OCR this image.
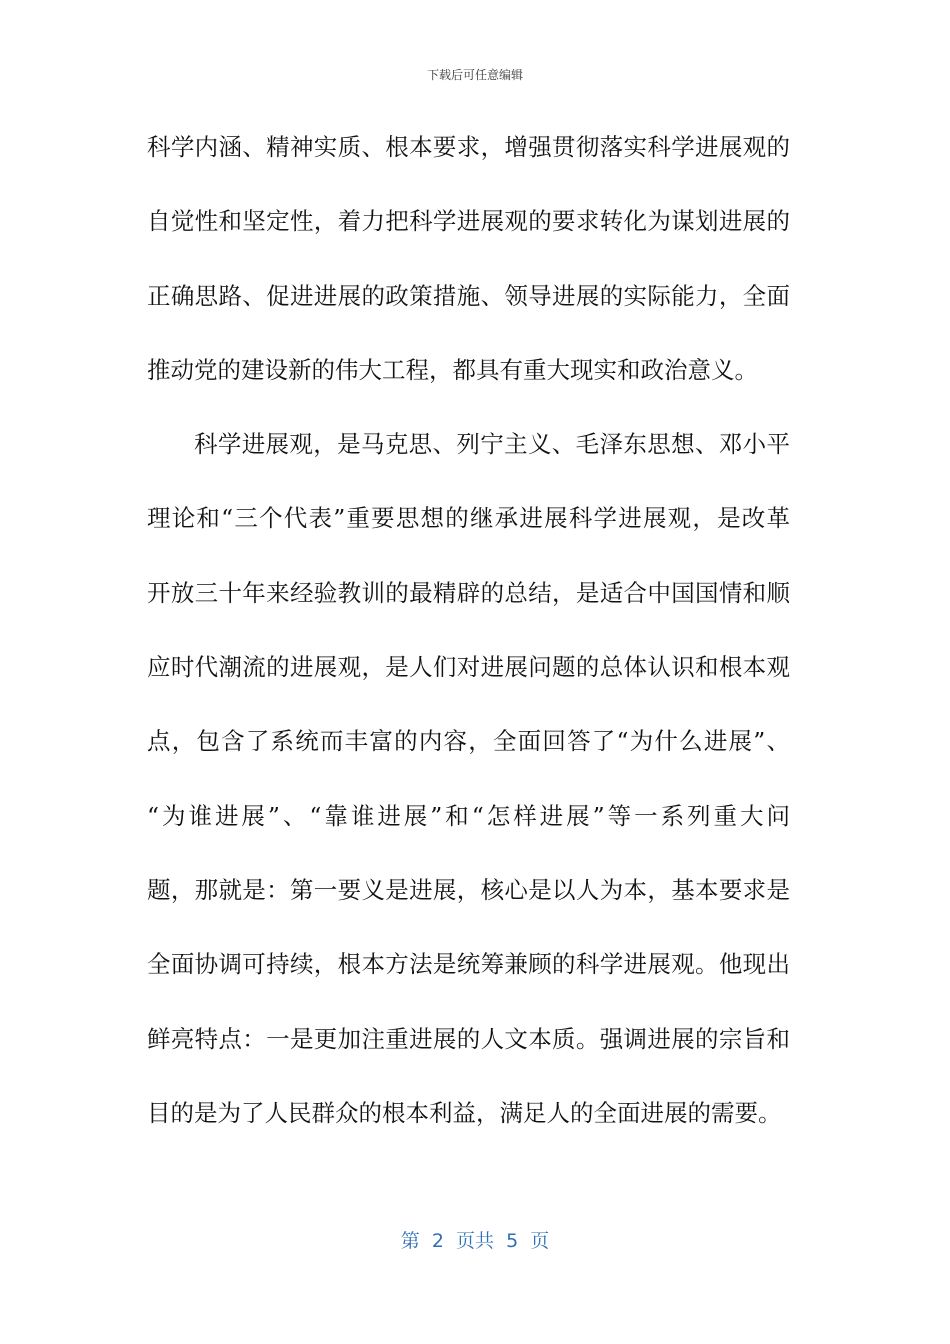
下载后可任意编辑
科学内涵、精神实质、根本要求，增强贯彻落实科学进展观的
自觉性和坚定性，着力把科学进展观的要求转化为谋划进展的
正确思路、促进进展的政策措施、领导进展的实际能力，全面
推动党的建设新的伟大工程，都具有重大现实和政治意义。
科学进展观，是马克思、列宁主义、毛泽东思想、邓小平
理论和“三个代表”重要思想的继承进展科学进展观，是改革
开放三十年来经验教训的最精辟的总结，是适合中国国情和顺
应时代潮流的进展观，是人们对进展问题的总体认识和根本观
点，包含了系统而丰富的内容，全面回答了“为什么进展”、
“为谁进展”、“靠谁进展”和“怎样进展”等一系列重大问
题，那就是：第一要义是进展，核心是以人为本，基本要求是
全面协调可持续，根本方法是统筹兼顾的科学进展观。他现出
鲜亮特点：一是更加注重进展的人文本质。强调进展的宗旨和
目的是为了人民群众的根本利益，满足人的全面进展的需要。
第  2  页共  5  页
